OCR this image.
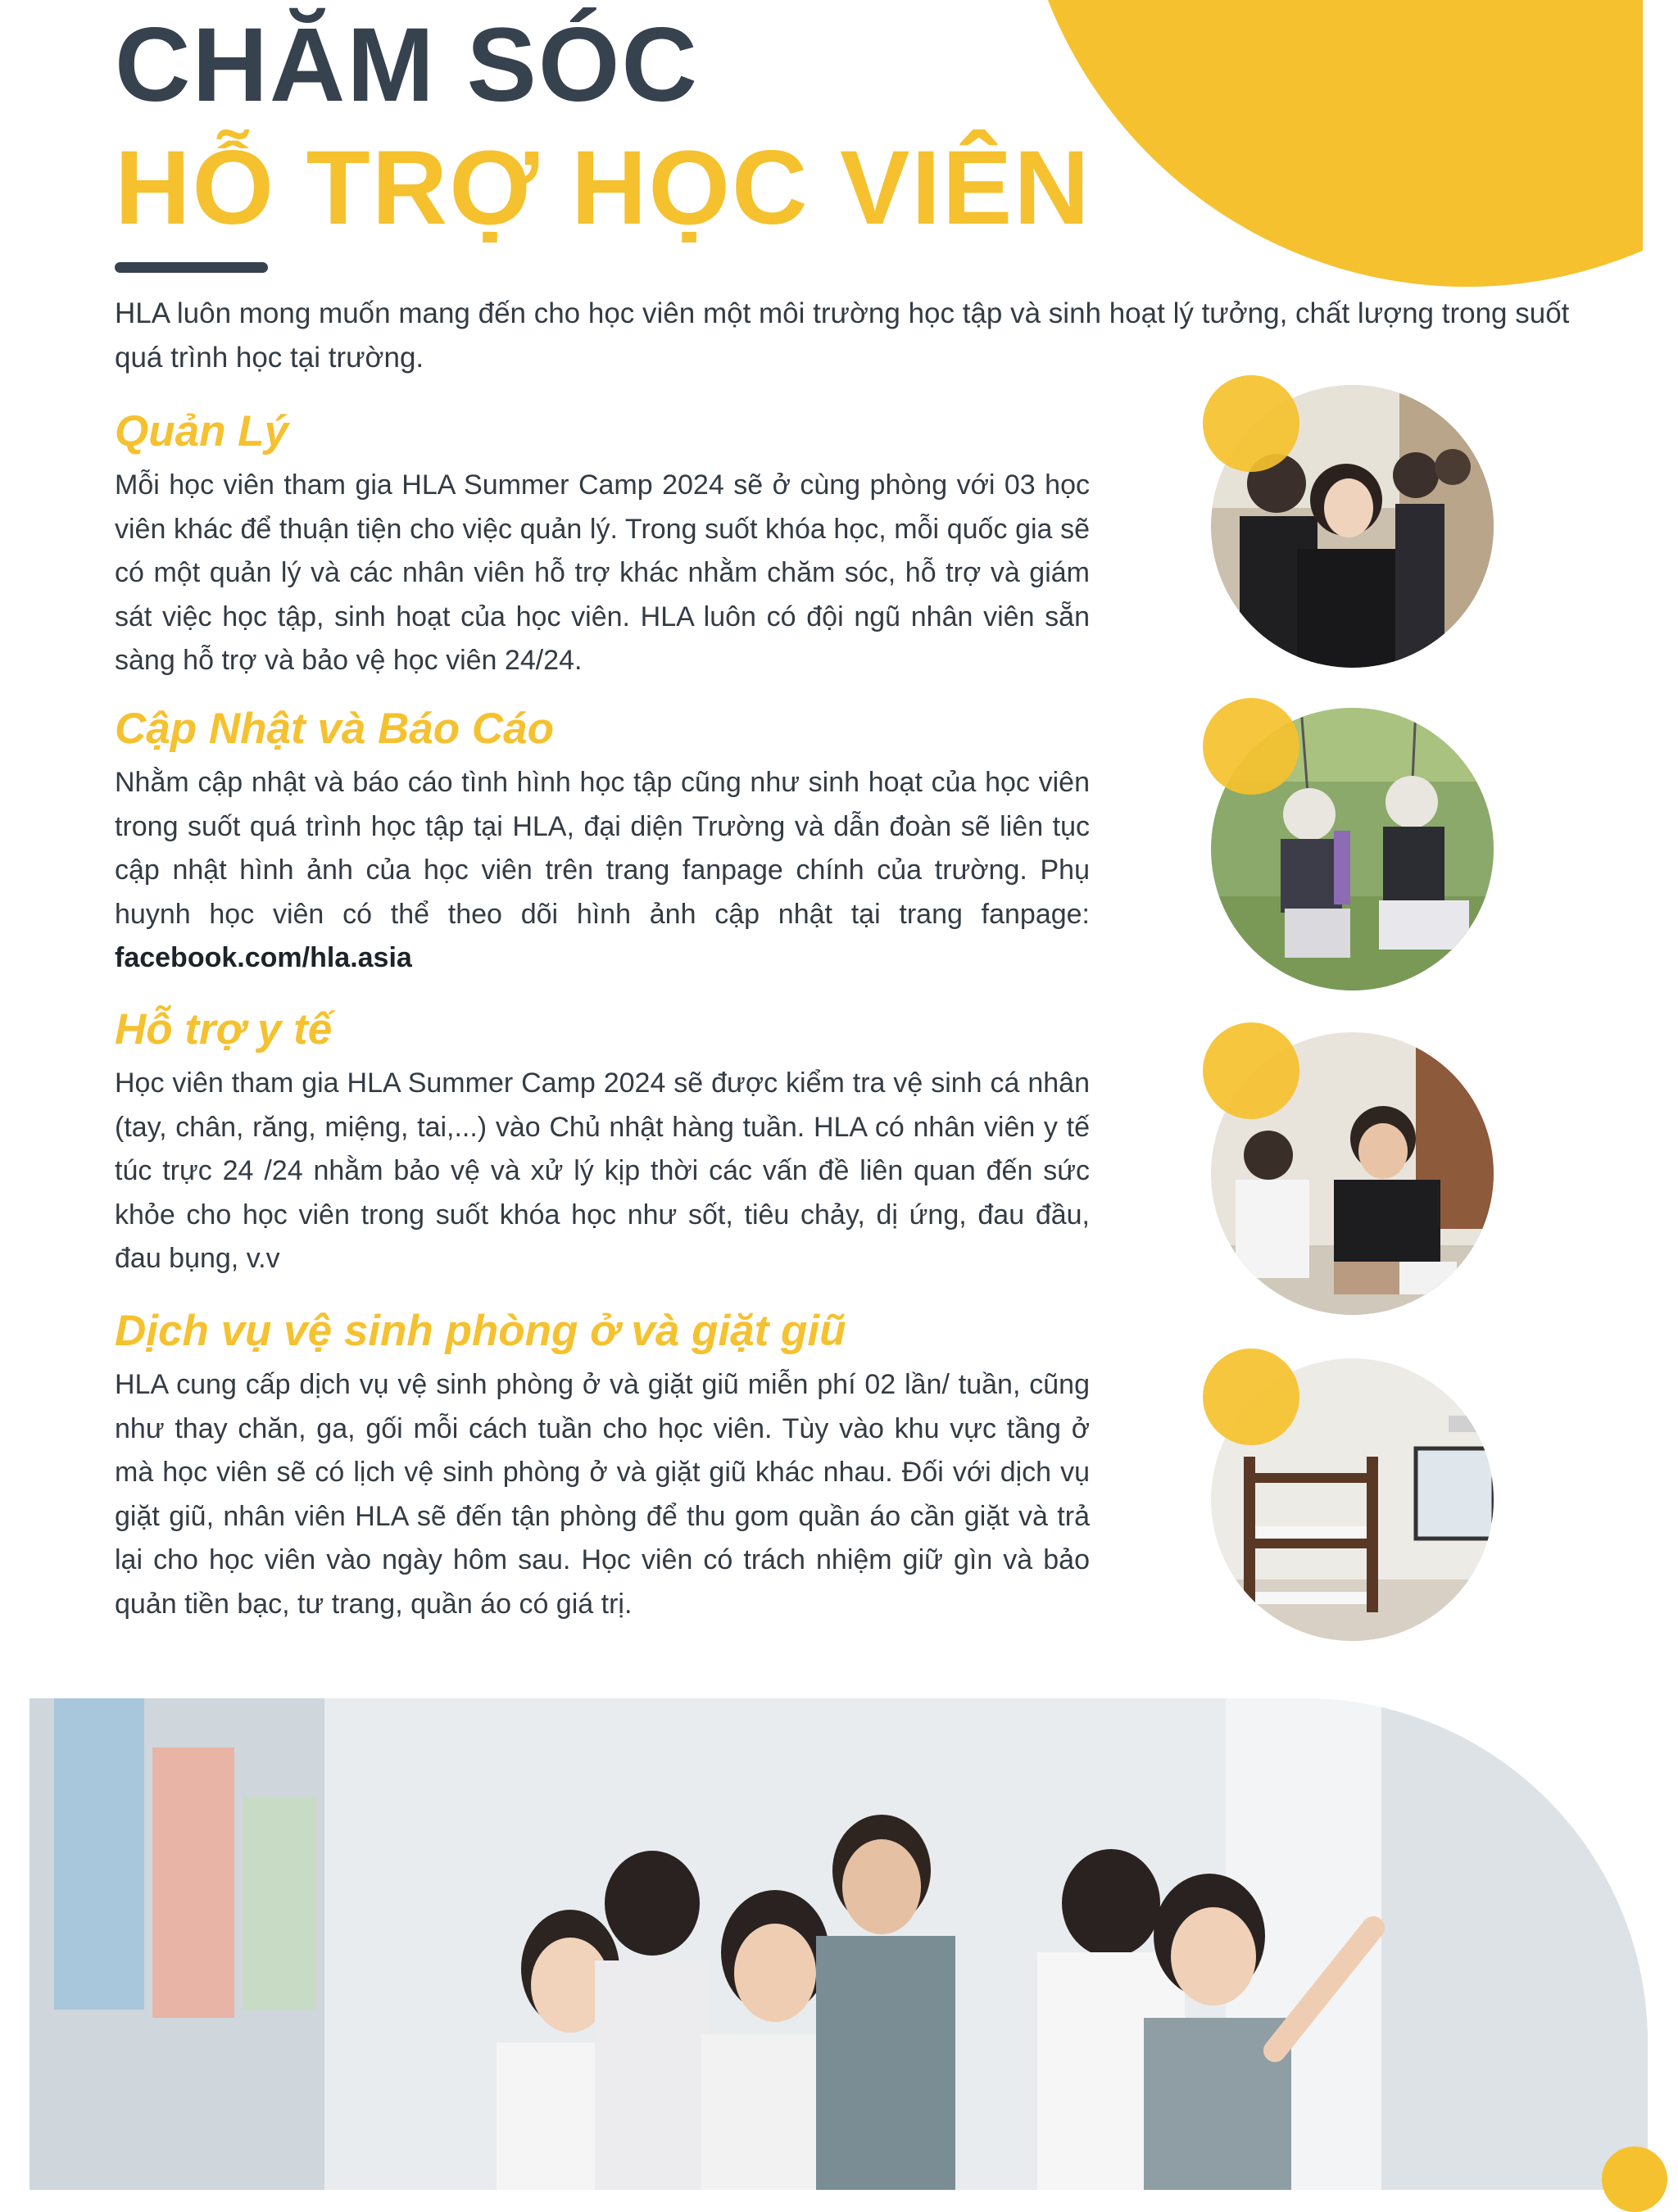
CHĂM SÓC
HỖ TRỢ HỌC VIÊN

HLA luôn mong muốn mang đến cho học viên một môi trường học tập và sinh hoạt lý tưởng, chất lượng trong suốt quá trình học tại trường.

Quản Lý

Mỗi học viên tham gia HLA Summer Camp 2024 sẽ ở cùng phòng với 03 học viên khác để thuận tiện cho việc quản lý. Trong suốt khóa học, mỗi quốc gia sẽ có một quản lý và các nhân viên hỗ trợ khác nhằm chăm sóc, hỗ trợ và giám sát việc học tập, sinh hoạt của học viên. HLA luôn có đội ngũ nhân viên sẵn sàng hỗ trợ và bảo vệ học viên 24/24.

Cập Nhật và Báo Cáo

Nhằm cập nhật và báo cáo tình hình học tập cũng như sinh hoạt của học viên trong suốt quá trình học tập tại HLA, đại diện Trường và dẫn đoàn sẽ liên tục cập nhật hình ảnh của học viên trên trang fanpage chính của trường. Phụ huynh học viên có thể theo dõi hình ảnh cập nhật tại trang fanpage: facebook.com/hla.asia

Hỗ trợ y tế

Học viên tham gia HLA Summer Camp 2024 sẽ được kiểm tra vệ sinh cá nhân (tay, chân, răng, miệng, tai,...) vào Chủ nhật hàng tuần. HLA có nhân viên y tế túc trực 24 /24 nhằm bảo vệ và xử lý kịp thời các vấn đề liên quan đến sức khỏe cho học viên trong suốt khóa học như sốt, tiêu chảy, dị ứng, đau đầu, đau bụng, v.v

Dịch vụ vệ sinh phòng ở và giặt giũ

HLA cung cấp dịch vụ vệ sinh phòng ở và giặt giũ miễn phí 02 lần/ tuần, cũng như thay chăn, ga, gối mỗi cách tuần cho học viên. Tùy vào khu vực tầng ở mà học viên sẽ có lịch vệ sinh phòng ở và giặt giũ khác nhau. Đối với dịch vụ giặt giũ, nhân viên HLA sẽ đến tận phòng để thu gom quần áo cần giặt và trả lại cho học viên vào ngày hôm sau. Học viên có trách nhiệm giữ gìn và bảo quản tiền bạc, tư trang, quần áo có giá trị.
